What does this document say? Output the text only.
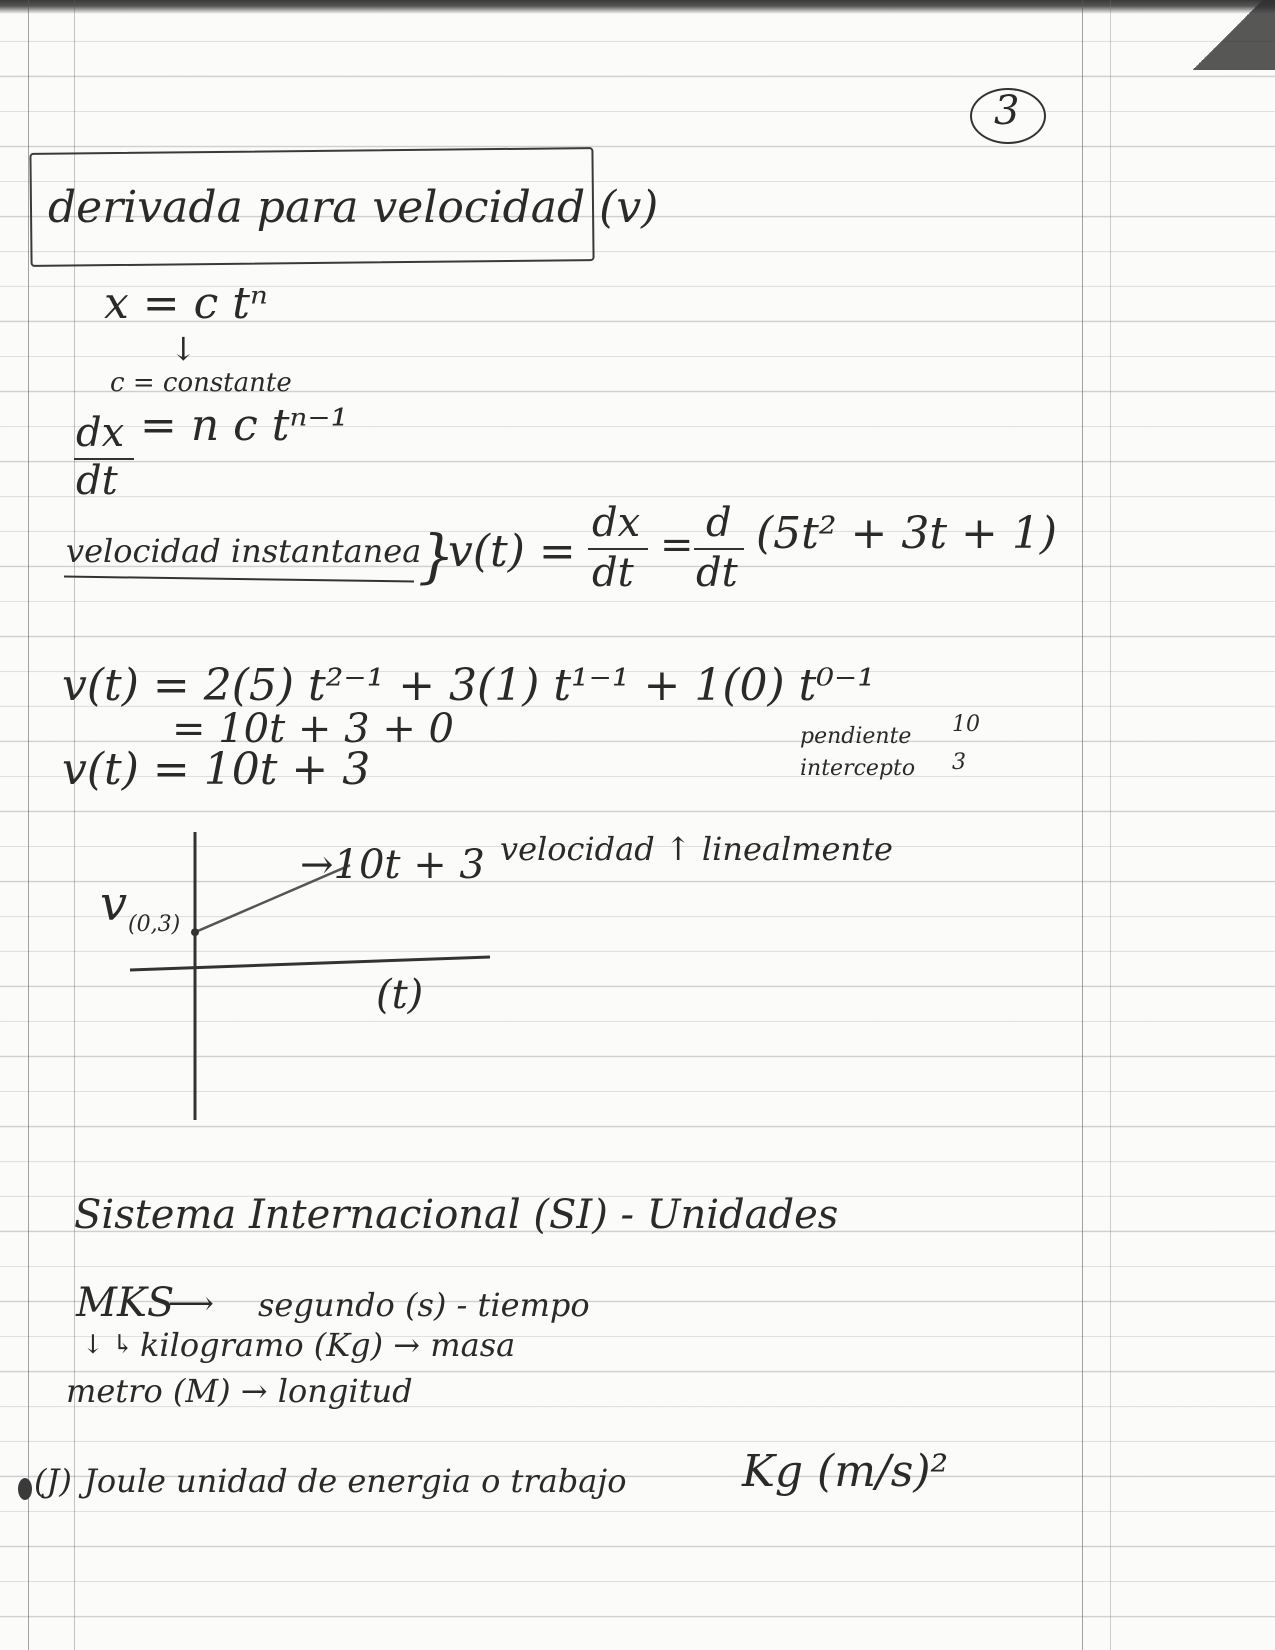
3
derivada para velocidad (v)
x = c tⁿ
↓
c = constante
dx
dt
= n c tⁿ⁻¹
velocidad instantanea
}
v(t) =
dx
dt
= d
dt
(5t² + 3t + 1)
v(t) = 2(5) t²⁻¹ + 3(1) t¹⁻¹ + 1(0) t⁰⁻¹
= 10t + 3 + 0
v(t) = 10t + 3
pendiente 10
intercepto 3
v (0,3)
→10t + 3 velocidad ↑ linealmente
(t)
Sistema Internacional (SI) - Unidades
MKS
⟶ segundo (s) - tiempo
↓ ↳ kilogramo (Kg) → masa
metro (M) → longitud
(J) Joule unidad de energia o trabajo	Kg (m/s)²
